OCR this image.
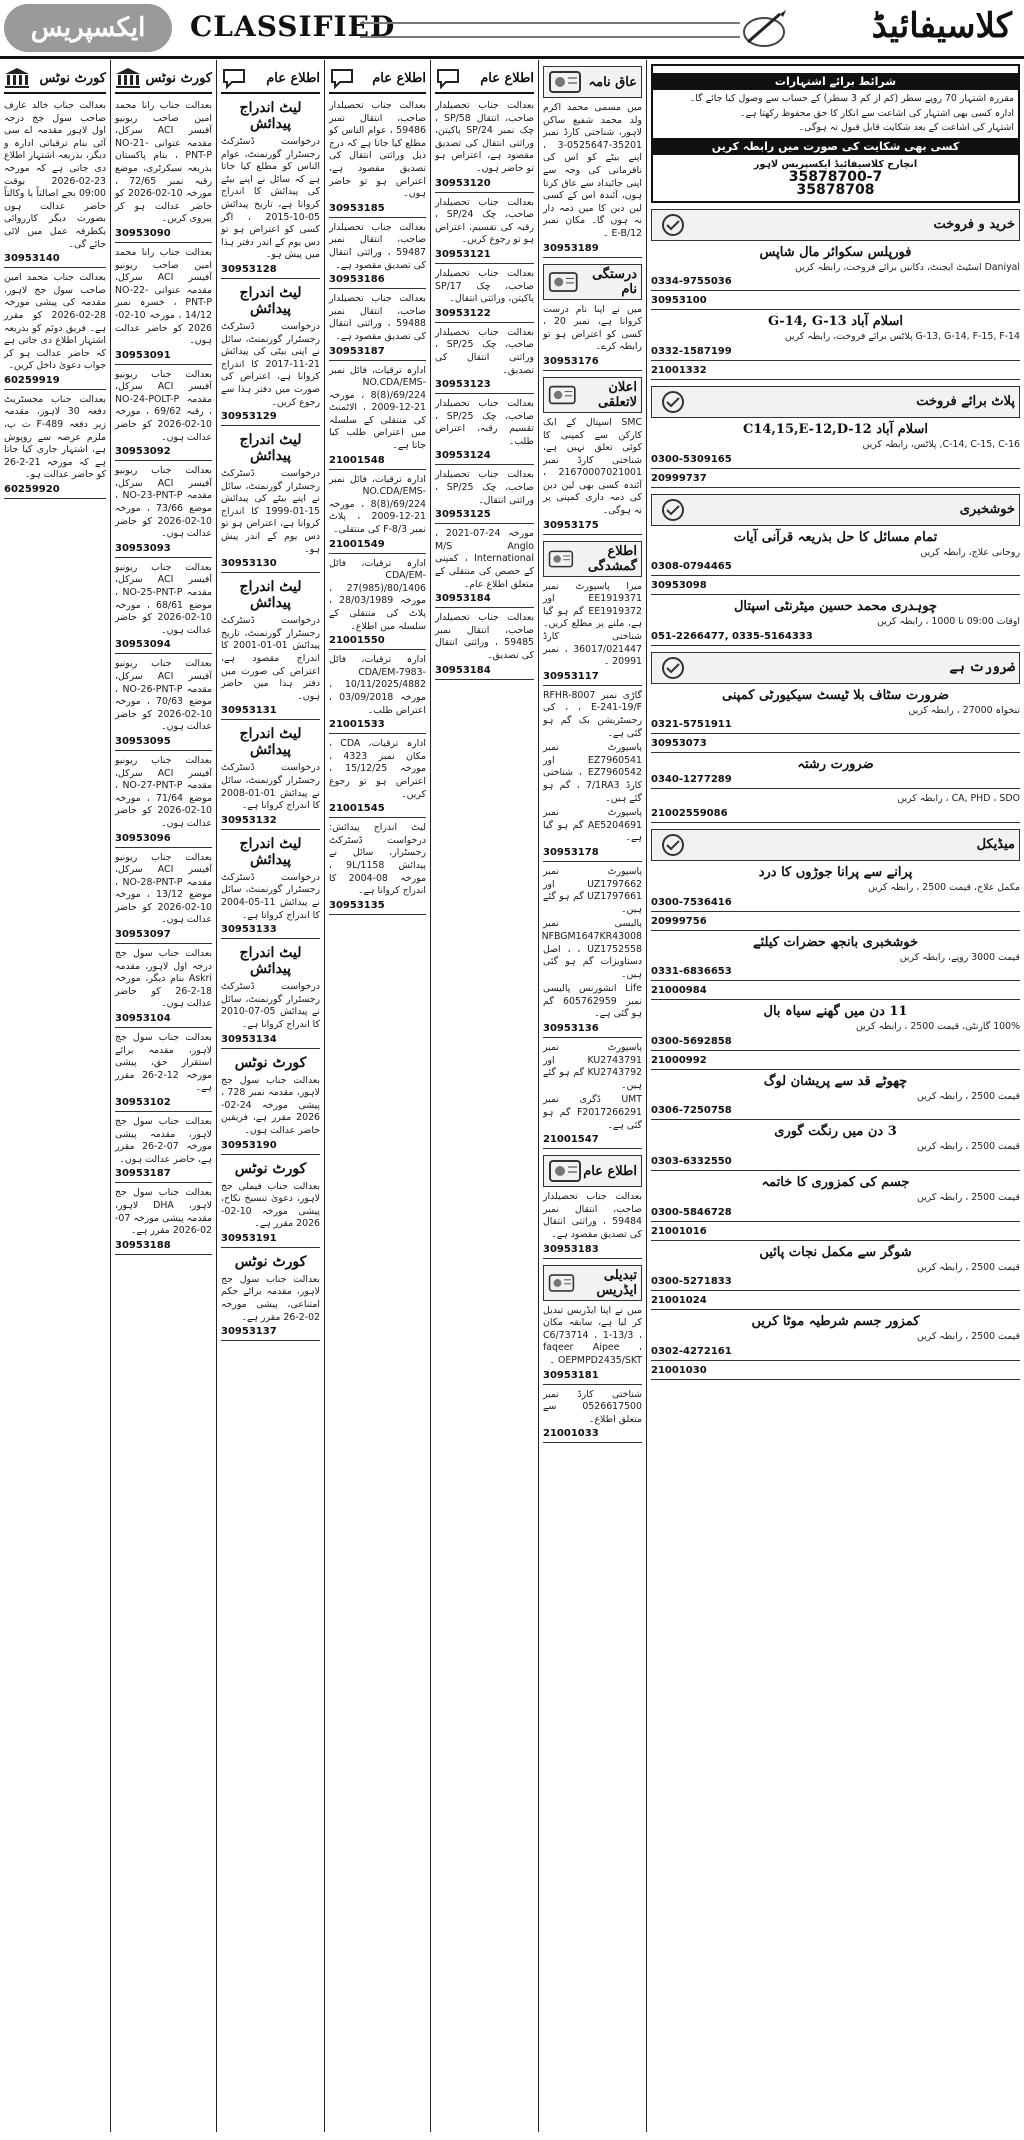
ایکسپریس	CLASSIFIED	کلاسیفائیڈ
کورٹ نوٹس
بعدالت جناب خالد عارف صاحب سول جج درجہ اول لاہور مقدمہ اے سی آئی بنام ترقیاتی ادارہ و دیگر، بذریعہ اشتہار اطلاع دی جاتی ہے کہ مورخہ 23-02-2026 بوقت 09:00 بجے اصالتاً یا وکالتاً حاضر عدالت ہوں بصورت دیگر کارروائی یکطرفہ عمل میں لائی جائے گی۔
30953140
بعدالت جناب محمد امین صاحب سول جج لاہور، مقدمہ کی پیشی مورخہ 28-02-2026 کو مقرر ہے۔ فریق دوئم کو بذریعہ اشتہار اطلاع دی جاتی ہے کہ حاضر عدالت ہو کر جواب دعویٰ داخل کریں۔
60259919
بعدالت جناب مجسٹریٹ دفعہ 30 لاہور، مقدمہ زیر دفعہ 489-F ت پ، ملزم عرصہ سے روپوش ہے، اشتہار جاری کیا جاتا ہے کہ مورخہ 21-2-26 کو حاضر عدالت ہو۔
60259920
کورٹ نوٹس
بعدالت جناب رانا محمد امین صاحب ریونیو آفیسر ACI سرکل، مقدمہ عنوانی NO-21-PNT-P ، بنام پاکستان بذریعہ سیکرٹری، موضع رقبہ نمبر 72/65 ، مورخہ 10-02-2026 کو حاضر عدالت ہو کر پیروی کریں۔
30953090
بعدالت جناب رانا محمد امین صاحب ریونیو آفیسر ACI سرکل، مقدمہ عنوانی NO-22-PNT-P ، خسرہ نمبر 14/12 ، مورخہ 10-02-2026 کو حاضر عدالت ہوں۔
30953091
بعدالت جناب ریونیو آفیسر ACI سرکل، مقدمہ NO-24-POLT-P ، رقبہ 69/62 ، مورخہ 10-02-2026 کو حاضر عدالت ہوں۔
30953092
بعدالت جناب ریونیو آفیسر ACI سرکل، مقدمہ NO-23-PNT-P ، موضع 73/66 ، مورخہ 10-02-2026 کو حاضر عدالت ہوں۔
30953093
بعدالت جناب ریونیو آفیسر ACI سرکل، مقدمہ NO-25-PNT-P ، موضع 68/61 ، مورخہ 10-02-2026 کو حاضر عدالت ہوں۔
30953094
بعدالت جناب ریونیو آفیسر ACI سرکل، مقدمہ NO-26-PNT-P ، موضع 70/63 ، مورخہ 10-02-2026 کو حاضر عدالت ہوں۔
30953095
بعدالت جناب ریونیو آفیسر ACI سرکل، مقدمہ NO-27-PNT-P ، موضع 71/64 ، مورخہ 10-02-2026 کو حاضر عدالت ہوں۔
30953096
بعدالت جناب ریونیو آفیسر ACI سرکل، مقدمہ NO-28-PNT-P ، موضع 13/12 ، مورخہ 10-02-2026 کو حاضر عدالت ہوں۔
30953097
بعدالت جناب سول جج درجہ اول لاہور، مقدمہ Askri بنام دیگر، مورخہ 18-2-26 کو حاضر عدالت ہوں۔
30953104
بعدالت جناب سول جج لاہور، مقدمہ برائے استقرار حق، پیشی مورخہ 12-2-26 مقرر ہے۔
30953102
بعدالت جناب سول جج لاہور، مقدمہ پیشی مورخہ 07-2-26 مقرر ہے، حاضر عدالت ہوں۔
30953187
بعدالت جناب سول جج لاہور، DHA لاہور، مقدمہ پیشی مورخہ 07-02-2026 مقرر ہے۔
30953188
اطلاع عام
لیٹ اندراج پیدائش
درخواست ڈسٹرکٹ رجسٹرار گورنمنٹ، عوام الناس کو مطلع کیا جاتا ہے کہ سائل نے اپنے بیٹے کی پیدائش کا اندراج کروانا ہے، تاریخ پیدائش 05-10-2015 ، اگر کسی کو اعتراض ہو تو دس یوم کے اندر دفتر ہذا میں پیش ہو۔
30953128
لیٹ اندراج پیدائش
درخواست ڈسٹرکٹ رجسٹرار گورنمنٹ، سائل نے اپنی بیٹی کی پیدائش 21-11-2017 کا اندراج کروانا ہے، اعتراض کی صورت میں دفتر ہذا سے رجوع کریں۔
30953129
لیٹ اندراج پیدائش
درخواست ڈسٹرکٹ رجسٹرار گورنمنٹ، سائل نے اپنے بیٹے کی پیدائش 15-01-1999 کا اندراج کروانا ہے، اعتراض ہو تو دس یوم کے اندر پیش ہو۔
30953130
لیٹ اندراج پیدائش
درخواست ڈسٹرکٹ رجسٹرار گورنمنٹ، تاریخ پیدائش 01-01-2001 کا اندراج مقصود ہے، اعتراض کی صورت میں دفتر ہذا میں حاضر ہوں۔
30953131
لیٹ اندراج پیدائش
درخواست ڈسٹرکٹ رجسٹرار گورنمنٹ، سائل نے پیدائش 01-01-2008 کا اندراج کروانا ہے۔
30953132
لیٹ اندراج پیدائش
درخواست ڈسٹرکٹ رجسٹرار گورنمنٹ، سائل نے پیدائش 11-05-2004 کا اندراج کروانا ہے۔
30953133
لیٹ اندراج پیدائش
درخواست ڈسٹرکٹ رجسٹرار گورنمنٹ، سائل نے پیدائش 05-07-2010 کا اندراج کروانا ہے۔
30953134
کورٹ نوٹس
بعدالت جناب سول جج لاہور، مقدمہ نمبر 728 ، پیشی مورخہ 24-02-2026 مقرر ہے، فریقین حاضر عدالت ہوں۔
30953190
کورٹ نوٹس
بعدالت جناب فیملی جج لاہور، دعویٰ تنسیخ نکاح، پیشی مورخہ 10-02-2026 مقرر ہے۔
30953191
کورٹ نوٹس
بعدالت جناب سول جج لاہور، مقدمہ برائے حکم امتناعی، پیشی مورخہ 02-2-26 مقرر ہے۔
30953137
اطلاع عام
بعدالت جناب تحصیلدار صاحب، انتقال نمبر 59486 ، عوام الناس کو مطلع کیا جاتا ہے کہ درج ذیل وراثتی انتقال کی تصدیق مقصود ہے، اعتراض ہو تو حاضر ہوں۔
30953185
بعدالت جناب تحصیلدار صاحب، انتقال نمبر 59487 ، وراثتی انتقال کی تصدیق مقصود ہے۔
30953186
بعدالت جناب تحصیلدار صاحب، انتقال نمبر 59488 ، وراثتی انتقال کی تصدیق مقصود ہے۔
30953187
ادارہ ترقیات، فائل نمبر NO.CDA/EMS-8(8)/69/224 ، مورخہ 21-12-2009 ، الاٹمنٹ کی منتقلی کے سلسلہ میں اعتراض طلب کیا جاتا ہے۔
21001548
ادارہ ترقیات، فائل نمبر NO.CDA/EMS-8(8)/69/224 ، مورخہ 21-12-2009 ، پلاٹ نمبر F-8/3 کی منتقلی۔
21001549
ادارہ ترقیات، فائل CDA/EM-27(985)/80/1406 ، مورخہ 28/03/1989 ، پلاٹ کی منتقلی کے سلسلہ میں اطلاع۔
21001550
ادارہ ترقیات، فائل CDA/EM-7983-10/11/2025/4882 ، مورخہ 03/09/2018 ، اعتراض طلب۔
21001533
ادارہ ترقیات، CDA ، مکان نمبر 4323 ، مورخہ 15/12/25 ، اعتراض ہو تو رجوع کریں۔
21001545
لیٹ اندراج پیدائش: درخواست ڈسٹرکٹ رجسٹرار، سائل نے پیدائش 9L/1158 ، مورخہ 08-2004 کا اندراج کروانا ہے۔
30953135
اطلاع عام
بعدالت جناب تحصیلدار صاحب، انتقال 58/SP ، چک نمبر 24/SP پاکپتن، وراثتی انتقال کی تصدیق مقصود ہے، اعتراض ہو تو حاضر ہوں۔
30953120
بعدالت جناب تحصیلدار صاحب، چک 24/SP ، رقبہ کی تقسیم، اعتراض ہو تو رجوع کریں۔
30953121
بعدالت جناب تحصیلدار صاحب، چک 17/SP پاکپتن، وراثتی انتقال۔
30953122
بعدالت جناب تحصیلدار صاحب، چک 25/SP ، وراثتی انتقال کی تصدیق۔
30953123
بعدالت جناب تحصیلدار صاحب، چک 25/SP ، تقسیم رقبہ، اعتراض طلب۔
30953124
بعدالت جناب تحصیلدار صاحب، چک 25/SP ، وراثتی انتقال۔
30953125
مورخہ 24-07-2021 ، M/S Anglo International ، کمپنی کے حصص کی منتقلی کے متعلق اطلاع عام۔
30953184
بعدالت جناب تحصیلدار صاحب، انتقال نمبر 59485 ، وراثتی انتقال کی تصدیق۔
30953184
عاق نامہ
میں مسمی محمد اکرم ولد محمد شفیع ساکن لاہور، شناختی کارڈ نمبر 35201-0525647-3 ، اپنے بیٹے کو اس کی نافرمانی کی وجہ سے اپنی جائیداد سے عاق کرتا ہوں، آئندہ اس کے کسی لین دین کا میں ذمہ دار نہ ہوں گا۔ مکان نمبر 12/E-B ۔
30953189
درستگی نام
میں نے اپنا نام درست کروانا ہے، نمبر 20 ، کسی کو اعتراض ہو تو رابطہ کرے۔
30953176
اعلان لاتعلقی
SMC اسپتال کے ایک کارکن سے کمپنی کا کوئی تعلق نہیں ہے، شناختی کارڈ نمبر 21670007021001 ، آئندہ کسی بھی لین دین کی ذمہ داری کمپنی پر نہ ہوگی۔
30953175
اطلاع گمشدگی
میرا پاسپورٹ نمبر EE1919371 اور EE1919372 گم ہو گیا ہے، ملنے پر مطلع کریں۔ شناختی کارڈ 36017/021447 ، نمبر 20991 ۔
30953117
گاڑی نمبر RFHR-8007 ، E-241-19/F ، کی رجسٹریشن بک گم ہو گئی ہے۔
پاسپورٹ نمبر EZ7960541 اور EZ7960542 ، شناختی کارڈ 7/1RA3 ، گم ہو گئے ہیں۔
پاسپورٹ نمبر AE5204691 گم ہو گیا ہے۔
30953178
پاسپورٹ نمبر UZ1797662 اور UZ1797661 گم ہو گئے ہیں۔
پالیسی نمبر NFBGM1647KR43008 ، UZ1752558 ، اصل دستاویزات گم ہو گئی ہیں۔
Life انشورنس پالیسی نمبر 605762959 گم ہو گئی ہے۔
30953136
پاسپورٹ نمبر KU2743791 اور KU2743792 گم ہو گئے ہیں۔
UMT ڈگری نمبر F2017266291 گم ہو گئی ہے۔
21001547
اطلاع عام
بعدالت جناب تحصیلدار صاحب، انتقال نمبر 59484 ، وراثتی انتقال کی تصدیق مقصود ہے۔
30953183
تبدیلی ایڈریس
میں نے اپنا ایڈریس تبدیل کر لیا ہے، سابقہ مکان C6/73714 ، 1-13/3 ، faqeer Aipee ، OEPMPD2435/SKT ۔
30953181
شناختی کارڈ نمبر 0526617500 سے متعلق اطلاع۔
21001033
شرائط برائے اشتہارات
مقررہ اشتہار 70 روپے سطر (کم از کم 3 سطر) کے حساب سے وصول کیا جائے گا۔
ادارہ کسی بھی اشتہار کی اشاعت سے انکار کا حق محفوظ رکھتا ہے۔
اشتہار کی اشاعت کے بعد شکایت قابل قبول نہ ہوگی۔
کسی بھی شکایت کی صورت میں رابطہ کریں
انچارج کلاسیفائیڈ ایکسپریس لاہور
35878700-7
35878708
خرید و فروخت
فورپلس سکوائر مال شاپس
Daniyal اسٹیٹ ایجنٹ، دکانیں برائے فروخت، رابطہ کریں
0334-9755036
30953100
اسلام آباد G-14, G-13
G-13, G-14, F-15, F-14 پلاٹس برائے فروخت، رابطہ کریں
0332-1587199
21001332
پلاٹ برائے فروخت
اسلام آباد C14,15,E-12,D-12
C-14, C-15, C-16, پلاٹس، رابطہ کریں
0300-5309165
20999737
خوشخبری
تمام مسائل کا حل بذریعہ قرآنی آیات
روحانی علاج، رابطہ کریں
0308-0794465
30953098
چوہدری محمد حسین میٹرنٹی اسپتال
اوقات 09:00 تا 1000 ، رابطہ کریں
051-2266477, 0335-5164333
ضرورت ہے
ضرورت سٹاف بلا ٹیسٹ سیکیورٹی کمپنی
تنخواہ 27000 ، رابطہ کریں
0321-5751911
30953073
ضرورت رشتہ
0340-1277289
CA, PHD ، SDO ، رابطہ کریں
21002559086
میڈیکل
پرانے سے پرانا جوڑوں کا درد
مکمل علاج، قیمت 2500 ، رابطہ کریں
0300-7536416
20999756
خوشخبری بانجھ حضرات کیلئے
قیمت 3000 روپے، رابطہ کریں
0331-6836653
21000984
11 دن میں گھنے سیاہ بال
100% گارنٹی، قیمت 2500 ، رابطہ کریں
0300-5692858
21000992
چھوٹے قد سے پریشان لوگ
قیمت 2500 ، رابطہ کریں
0306-7250758
3 دن میں رنگت گوری
قیمت 2500 ، رابطہ کریں
0303-6332550
جسم کی کمزوری کا خاتمہ
قیمت 2500 ، رابطہ کریں
0300-5846728
21001016
شوگر سے مکمل نجات پائیں
قیمت 2500 ، رابطہ کریں
0300-5271833
21001024
کمزور جسم شرطیہ موٹا کریں
قیمت 2500 ، رابطہ کریں
0302-4272161
21001030
